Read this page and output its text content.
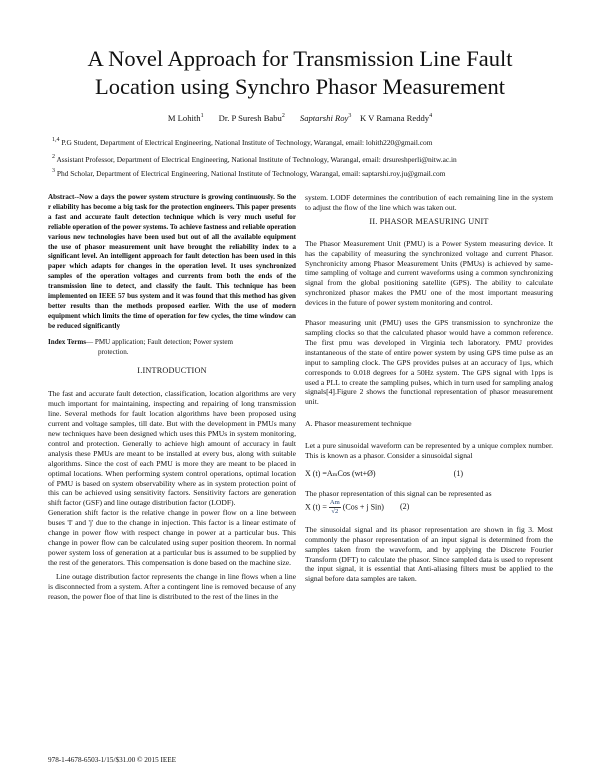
A Novel Approach for Transmission Line Fault
Location using Synchro Phasor Measurement
M Lohith$^1$ Dr. P Suresh Babu$^2$ Saptarshi Roy$^3$ K V Ramana Reddy$^4$
$^{1,4}$ P.G Student, Department of Electrical Engineering, National Institute of Technology, Warangal, email: lohith220@gmail.com
$^2$ Assistant Professor, Department of Electrical Engineering, National Institute of Technology, Warangal, email: drsureshperli@nitw.ac.in
$^3$ Phd Scholar, Department of Electrical Engineering, National Institute of Technology, Warangal, email: saptarshi.roy.ju@gmail.com

Abstract--Now a days the power system structure is growing continuously. So the r eliability has become a big task for the protection engineers. This paper presents a fast and accurate fault detection technique which is very much useful for reliable operation of the power systems. To achieve fastness and reliable operation various new technologies have been used but out of all the available equipment the use of phasor measurement unit have brought the reliability index to a significant level. An intelligent approach for fault detection has been used in this paper which adapts for changes in the operation level. It uses synchronized samples of the operation voltages and currents from both the ends of the transmission line to detect, and classify the fault. This technique has been implemented on IEEE 57 bus system and it was found that this method has given better results than the methods proposed earlier. With the use of modern equipment which limits the time of operation for few cycles, the time window can be reduced significantly

Index Terms— PMU application; Fault detection; Power system
protection.
I.INTRODUCTION

The fast and accurate fault detection, classification, location algorithms are very much important for maintaining, inspecting and repairing of long transmission line. Several methods for fault location algorithms have been proposed using current and voltage samples, till date. But with the development in PMUs many new techniques have been designed which uses this PMUs in system monitoring, control and protection. Generally to achieve high amount of accuracy in fault analysis these PMUs are meant to be installed at every bus, along with suitable algorithms. Since the cost of each PMU is more they are meant to be placed in optimal locations. When performing system control operations, optimal location of PMU is based on system observability where as in system protection point of this can be achieved using sensitivity factors. Sensitivity factors are generation shift factor (GSF) and line outage distribution factor (LODF).

Generation shift factor is the relative change in power flow on a line between buses 'I' and 'j' due to the change in injection. This factor is a linear estimate of change in power flow with respect change in power at a particular bus. This change in power flow can be calculated using super position theorem. In normal power system loss of generation at a particular bus is assumed to be supplied by the rest of the generators. This compensation is done based on the machine size.

Line outage distribution factor represents the change in line flows when a line is disconnected from a system. After a contingent line is removed because of any reason, the power floe of that line is distributed to the rest of the lines in the

system. LODF determines the contribution of each remaining line in the system to adjust the flow of the line which was taken out.

II. PHASOR MEASURING UNIT

The Phasor Measurement Unit (PMU) is a Power System measuring device. It has the capability of measuring the synchronized voltage and current Phasor. Synchronicity among Phasor Measurement Units (PMUs) is achieved by same-time sampling of voltage and current waveforms using a common synchronizing signal from the global positioning satellite (GPS). The ability to calculate synchronized phasor makes the PMU one of the most important measuring devices in the future of power system monitoring and control.

Phasor measuring unit (PMU) uses the GPS transmission to synchronize the sampling clocks so that the calculated phasor would have a common reference. The first pmu was developed in Virginia tech laboratory. PMU provides instantaneous of the state of entire power system by using GPS time pulse as an input to sampling clock. The GPS provides pulses at an accuracy of 1µs, which corresponds to 0.018 degrees for a 50Hz system. The GPS signal with 1pps is used a PLL to create the sampling pulses, which in turn used for sampling analog signals[4].Figure 2 shows the functional representation of phasor measurement unit.

A. Phasor measurement technique

Let a pure sinusoidal waveform can be represented by a unique complex number. This is known as a phasor. Consider a sinusoidal signal

X (t) =AₘCos (wt+Ø)	(1)

The phasor representation of this signal can be represented as

X $(t) = \frac{Am}{√2} (Cos + j$ Sin) (2)

The sinusoidal signal and its phasor representation are shown in fig 3. Most commonly the phasor representation of an input signal is determined from the samples taken from the waveform, and by applying the Discrete Fourier Transform (DFT) to calculate the phasor. Since sampled data is used to represent the input signal, it is essential that Anti-aliasing filters must be applied to the signal before data samples are taken.

978-1-4678-6503-1/15/$31.00 © 2015 IEEE
